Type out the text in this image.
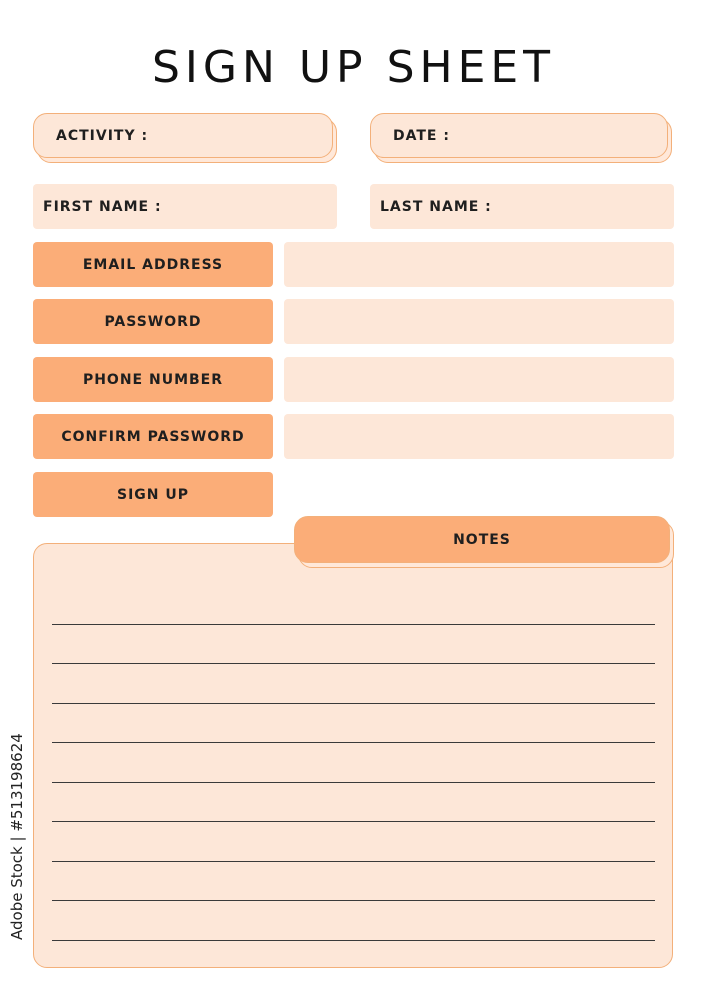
SIGN UP SHEET
ACTIVITY :	DATE :
FIRST NAME :	LAST NAME :
EMAIL ADDRESS
PASSWORD
PHONE NUMBER
CONFIRM PASSWORD
SIGN UP
NOTES
Adobe Stock | #513198624
